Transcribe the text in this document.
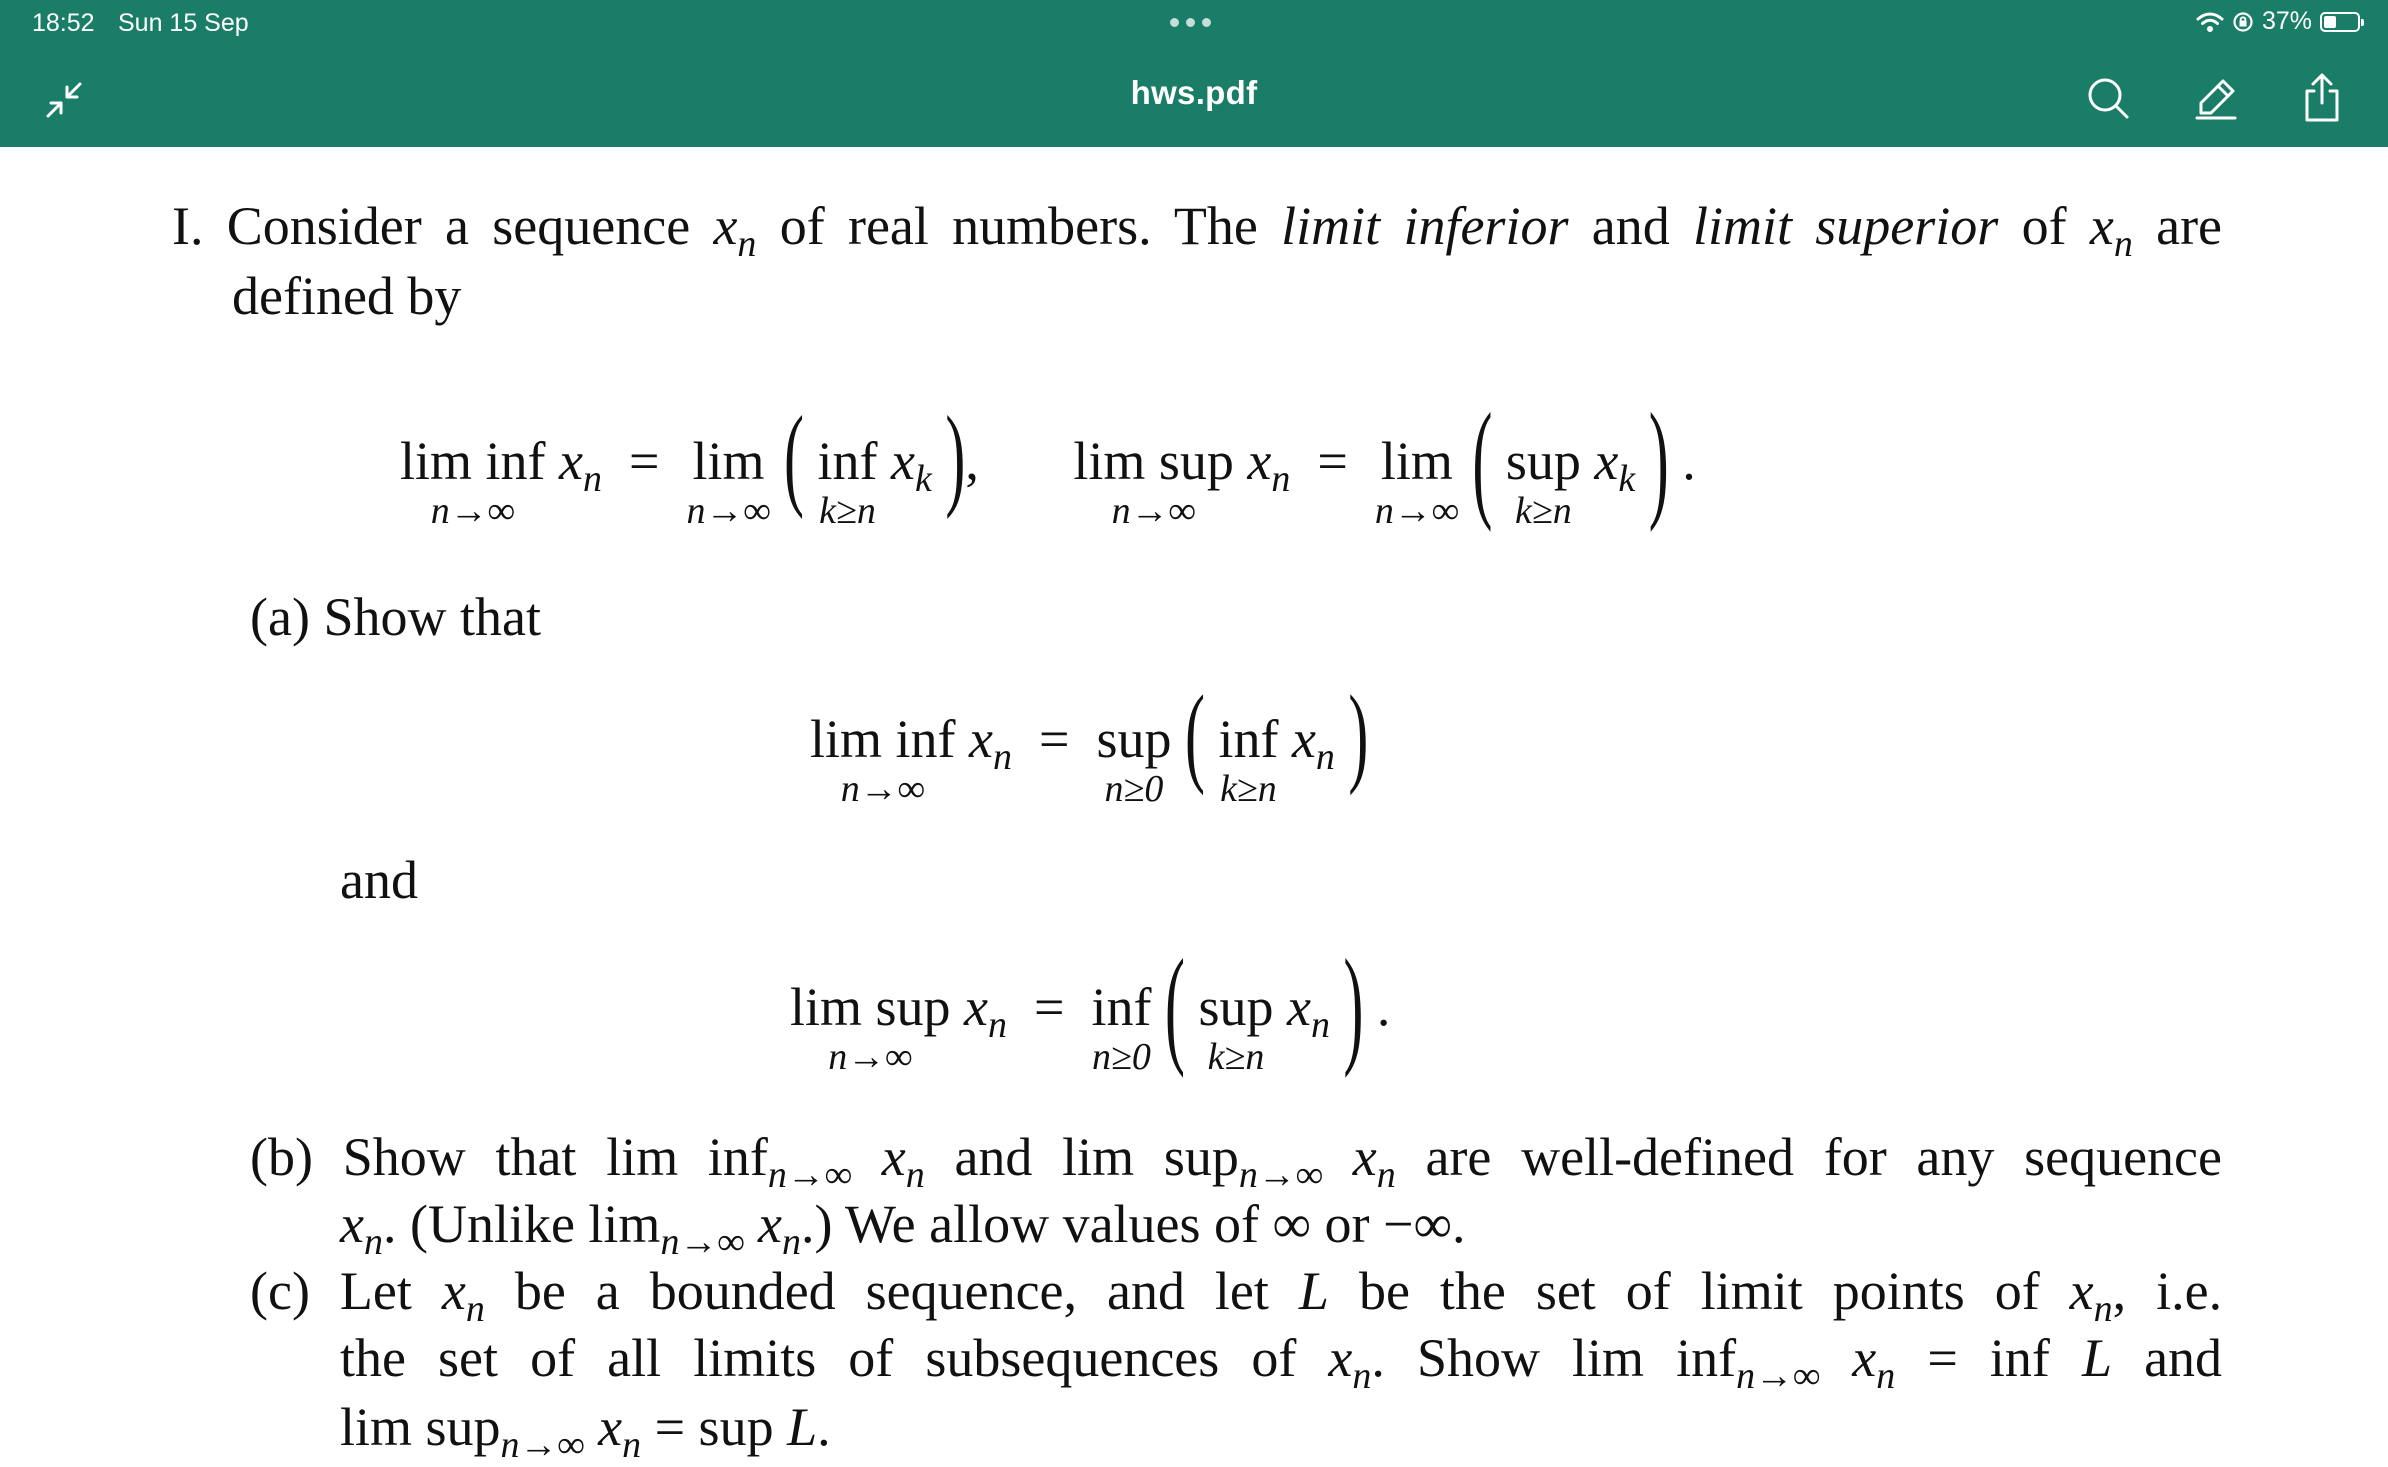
18:52 Sun 15 Sep	37%
hws.pdf
I. Consider a sequence $x_n$ of real numbers. The limit inferior and limit superior of $x_n$ are
defined by
lim inf
n→∞
$x_n = \lim$
n→∞ ( inf
k≥n
$x_k$ ), lim sup
n→∞
$x_n = \lim$
n→∞ ( sup
k≥n
$x_k$ ) .
(a) Show that
lim inf
n→∞
$x_n$ = sup
n≥0 ( inf
k≥n
$x_n$ )
and
lim sup
n→∞
$x_n$ = inf
n≥0 ( sup
k≥n
$x_n$ ) .
(b) Show that lim inf$_{n\to\infty}$ $x_n$ and lim sup$_{n\to\infty}$ $x_n$ are well-defined for any sequence
$x_n$. (Unlike $\lim_{n\to\infty} x_n$.) We allow values of ∞ or −∞.
(c) Let $x_n$ be a bounded sequence, and let L be the set of limit points of $x_n$, i.e.
the set of all limits of subsequences of $x_n$. Show lim inf$_{n\to\infty}$ $x_n$ = inf L and
lim sup$_{n\to\infty}$ $x_n$ = sup L.
